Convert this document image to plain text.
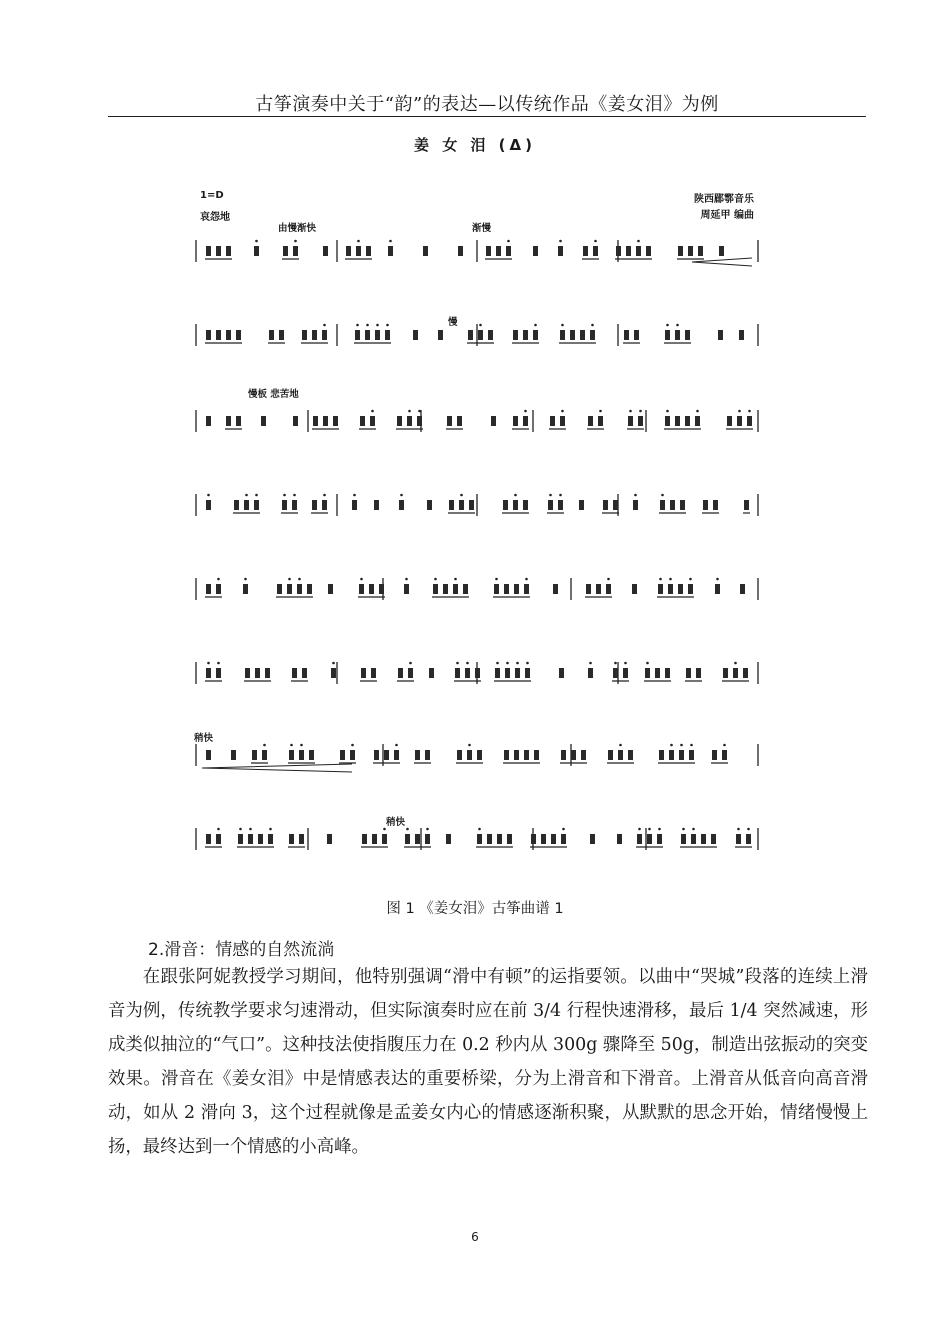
古筝演奏中关于“韵”的表达—以传统作品《姜女泪》为例
姜 女 泪 (Δ)
1=D
哀怨地
陕西郿鄠音乐
周延甲 编曲
由慢渐快	渐慢
慢
慢板 悲苦地
稍快
稍快
图 1 《姜女泪》古筝曲谱 1
2.滑音：情感的自然流淌

在跟张阿妮教授学习期间，他特别强调“滑中有顿”的运指要领。以曲中“哭城”段落的连续上滑音为例，传统教学要求匀速滑动，但实际演奏时应在前 3/4 行程快速滑移，最后 1/4 突然减速，形成类似抽泣的“气口”。这种技法使指腹压力在 0.2 秒内从 300g 骤降至 50g，制造出弦振动的突变效果。滑音在《姜女泪》中是情感表达的重要桥梁，分为上滑音和下滑音。上滑音从低音向高音滑动，如从 2 滑向 3，这个过程就像是孟姜女内心的情感逐渐积聚，从默默的思念开始，情绪慢慢上扬，最终达到一个情感的小高峰。

6
